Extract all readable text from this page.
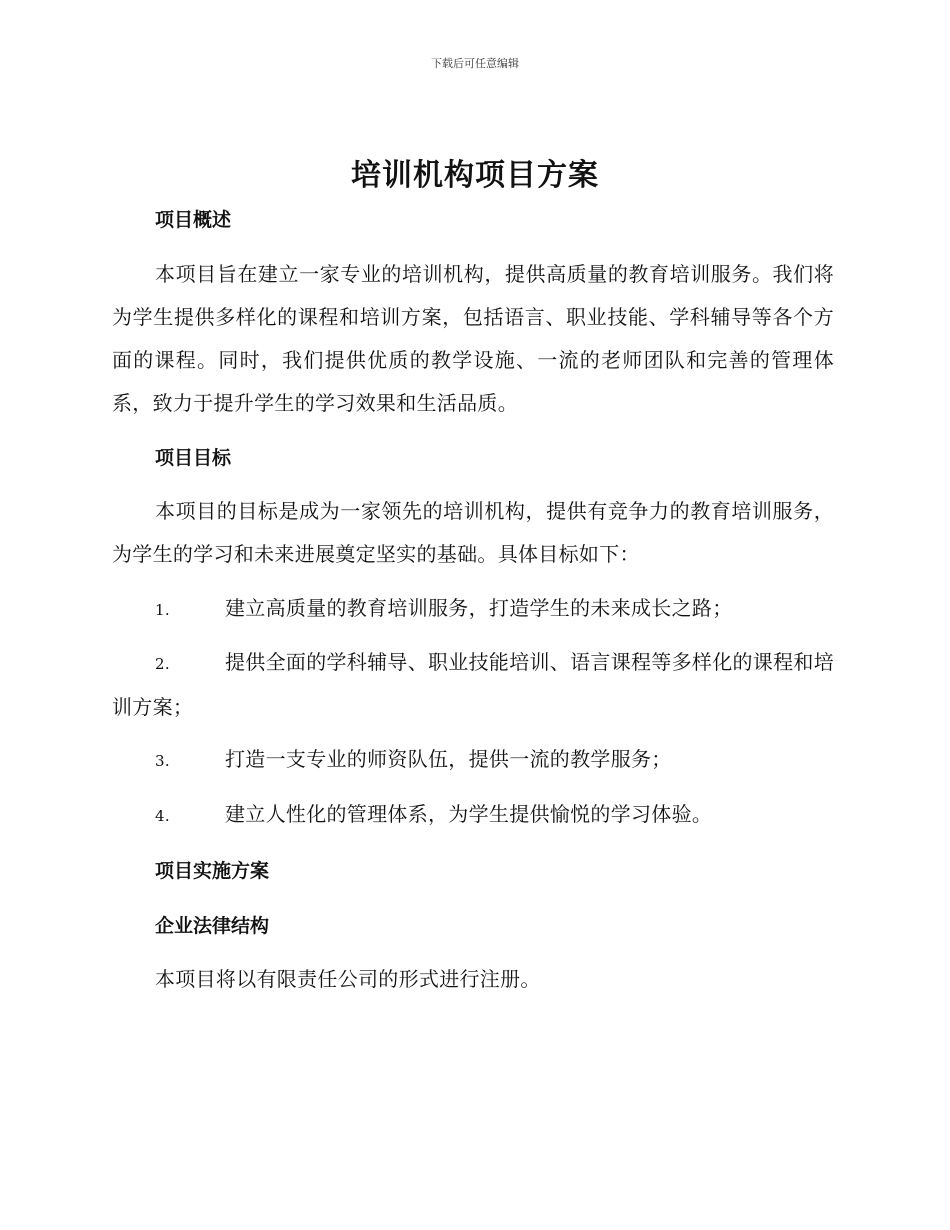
下载后可任意编辑
培训机构项目方案

项目概述

本项目旨在建立一家专业的培训机构，提供高质量的教育培训服务。我们将为学生提供多样化的课程和培训方案，包括语言、职业技能、学科辅导等各个方面的课程。同时，我们提供优质的教学设施、一流的老师团队和完善的管理体系，致力于提升学生的学习效果和生活品质。

项目目标

本项目的目标是成为一家领先的培训机构，提供有竞争力的教育培训服务，为学生的学习和未来进展奠定坚实的基础。具体目标如下：

1.	建立高质量的教育培训服务，打造学生的未来成长之路；

2.	提供全面的学科辅导、职业技能培训、语言课程等多样化的课程和培训方案；

3.	打造一支专业的师资队伍，提供一流的教学服务；

4.	建立人性化的管理体系，为学生提供愉悦的学习体验。

项目实施方案

企业法律结构

本项目将以有限责任公司的形式进行注册。
